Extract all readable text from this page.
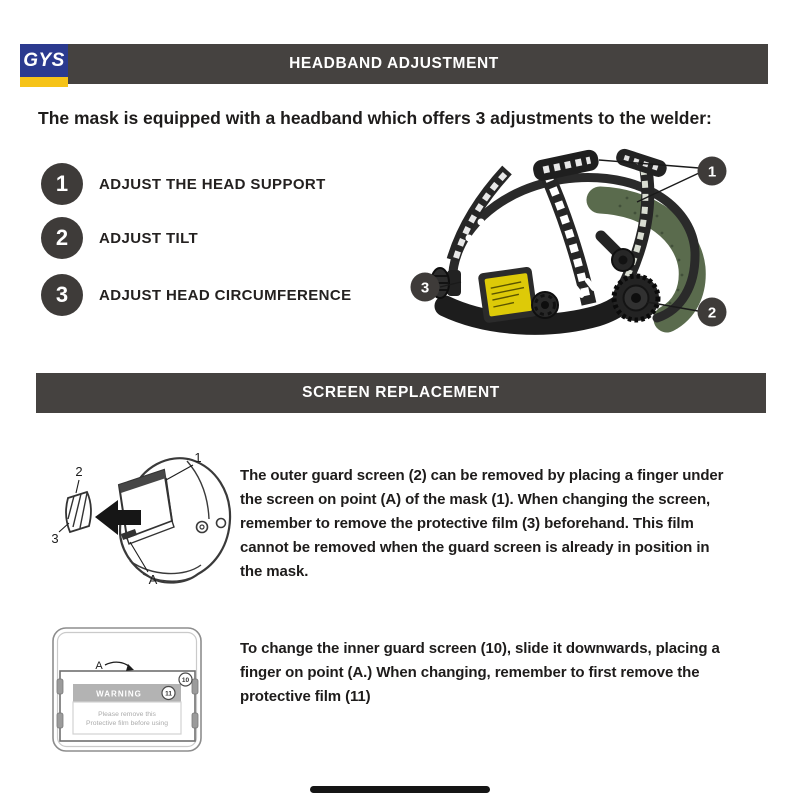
HEADBAND ADJUSTMENT
GYS
The mask is equipped with a headband which offers 3 adjustments to the welder:
1 ADJUST THE HEAD SUPPORT
2 ADJUST TILT
3 ADJUST HEAD CIRCUMFERENCE
1
3
2
SCREEN REPLACEMENT
2
3
1
A
The outer guard screen (2) can be removed by placing a finger under
the screen on point (A) of the mask (1). When changing the screen,
remember to remove the protective film (3) beforehand. This film
cannot be removed when the guard screen is already in position in
the mask.
WARNING	11
10
Please remove this
Protective film before using
A
To change the inner guard screen (10), slide it downwards, placing a
finger on point (A.) When changing, remember to first remove the
protective film (11)
